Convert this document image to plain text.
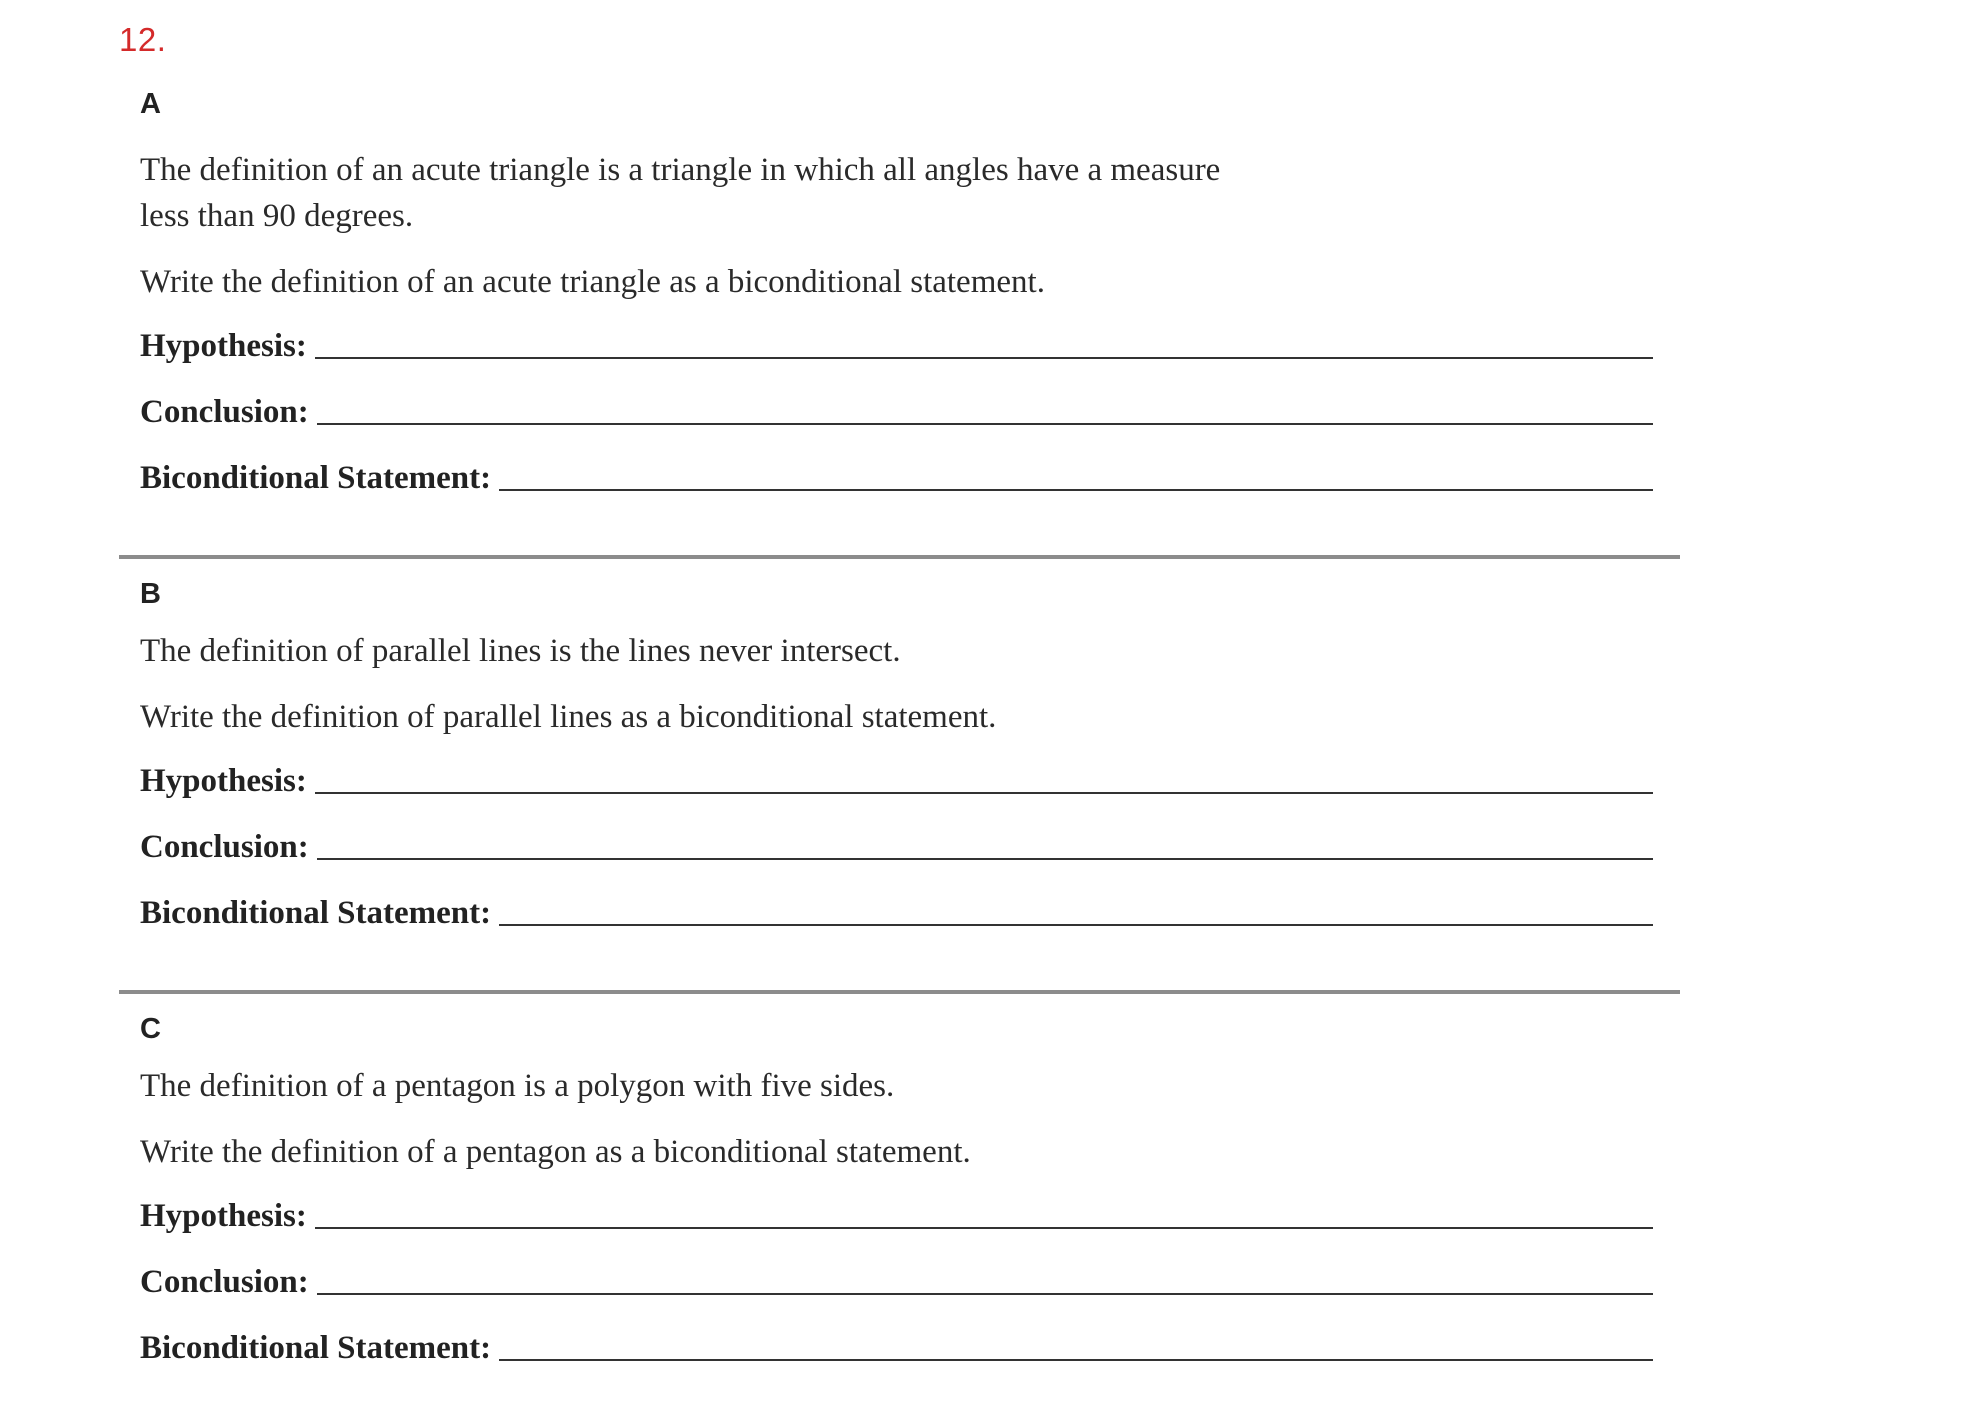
12.
A
The definition of an acute triangle is a triangle in which all angles have a measure
less than 90 degrees.
Write the definition of an acute triangle as a biconditional statement.
Hypothesis:
Conclusion:
Biconditional Statement:
The definition of parallel lines is the lines never intersect.
B
Write the definition of parallel lines as a biconditional statement.
Hypothesis:
Conclusion:
Biconditional Statement:
C
The definition of a pentagon is a polygon with five sides.
Write the definition of a pentagon as a biconditional statement.
Hypothesis:
Conclusion:
Biconditional Statement:
